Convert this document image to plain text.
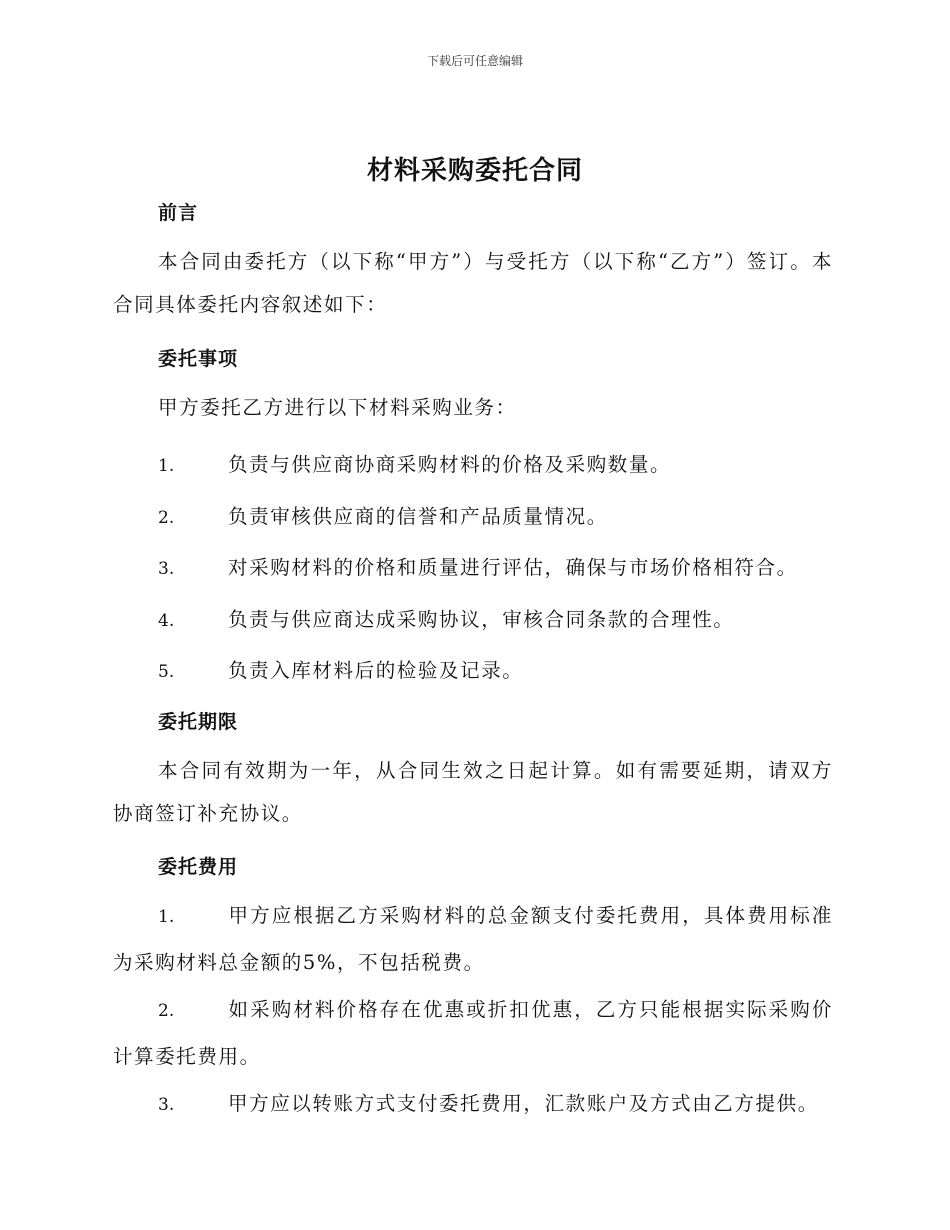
下载后可任意编辑
材料采购委托合同
前言
本合同由委托方（以下称“甲方”）与受托方（以下称“乙方”）签订。本合同具体委托内容叙述如下：
委托事项
甲方委托乙方进行以下材料采购业务：
1.	负责与供应商协商采购材料的价格及采购数量。
2.	负责审核供应商的信誉和产品质量情况。
3.	对采购材料的价格和质量进行评估，确保与市场价格相符合。
4.	负责与供应商达成采购协议，审核合同条款的合理性。
5.	负责入库材料后的检验及记录。
委托期限
本合同有效期为一年，从合同生效之日起计算。如有需要延期，请双方协商签订补充协议。
委托费用
1.	甲方应根据乙方采购材料的总金额支付委托费用，具体费用标准为采购材料总金额的5%，不包括税费。
2.	如采购材料价格存在优惠或折扣优惠，乙方只能根据实际采购价计算委托费用。
3.	甲方应以转账方式支付委托费用，汇款账户及方式由乙方提供。
